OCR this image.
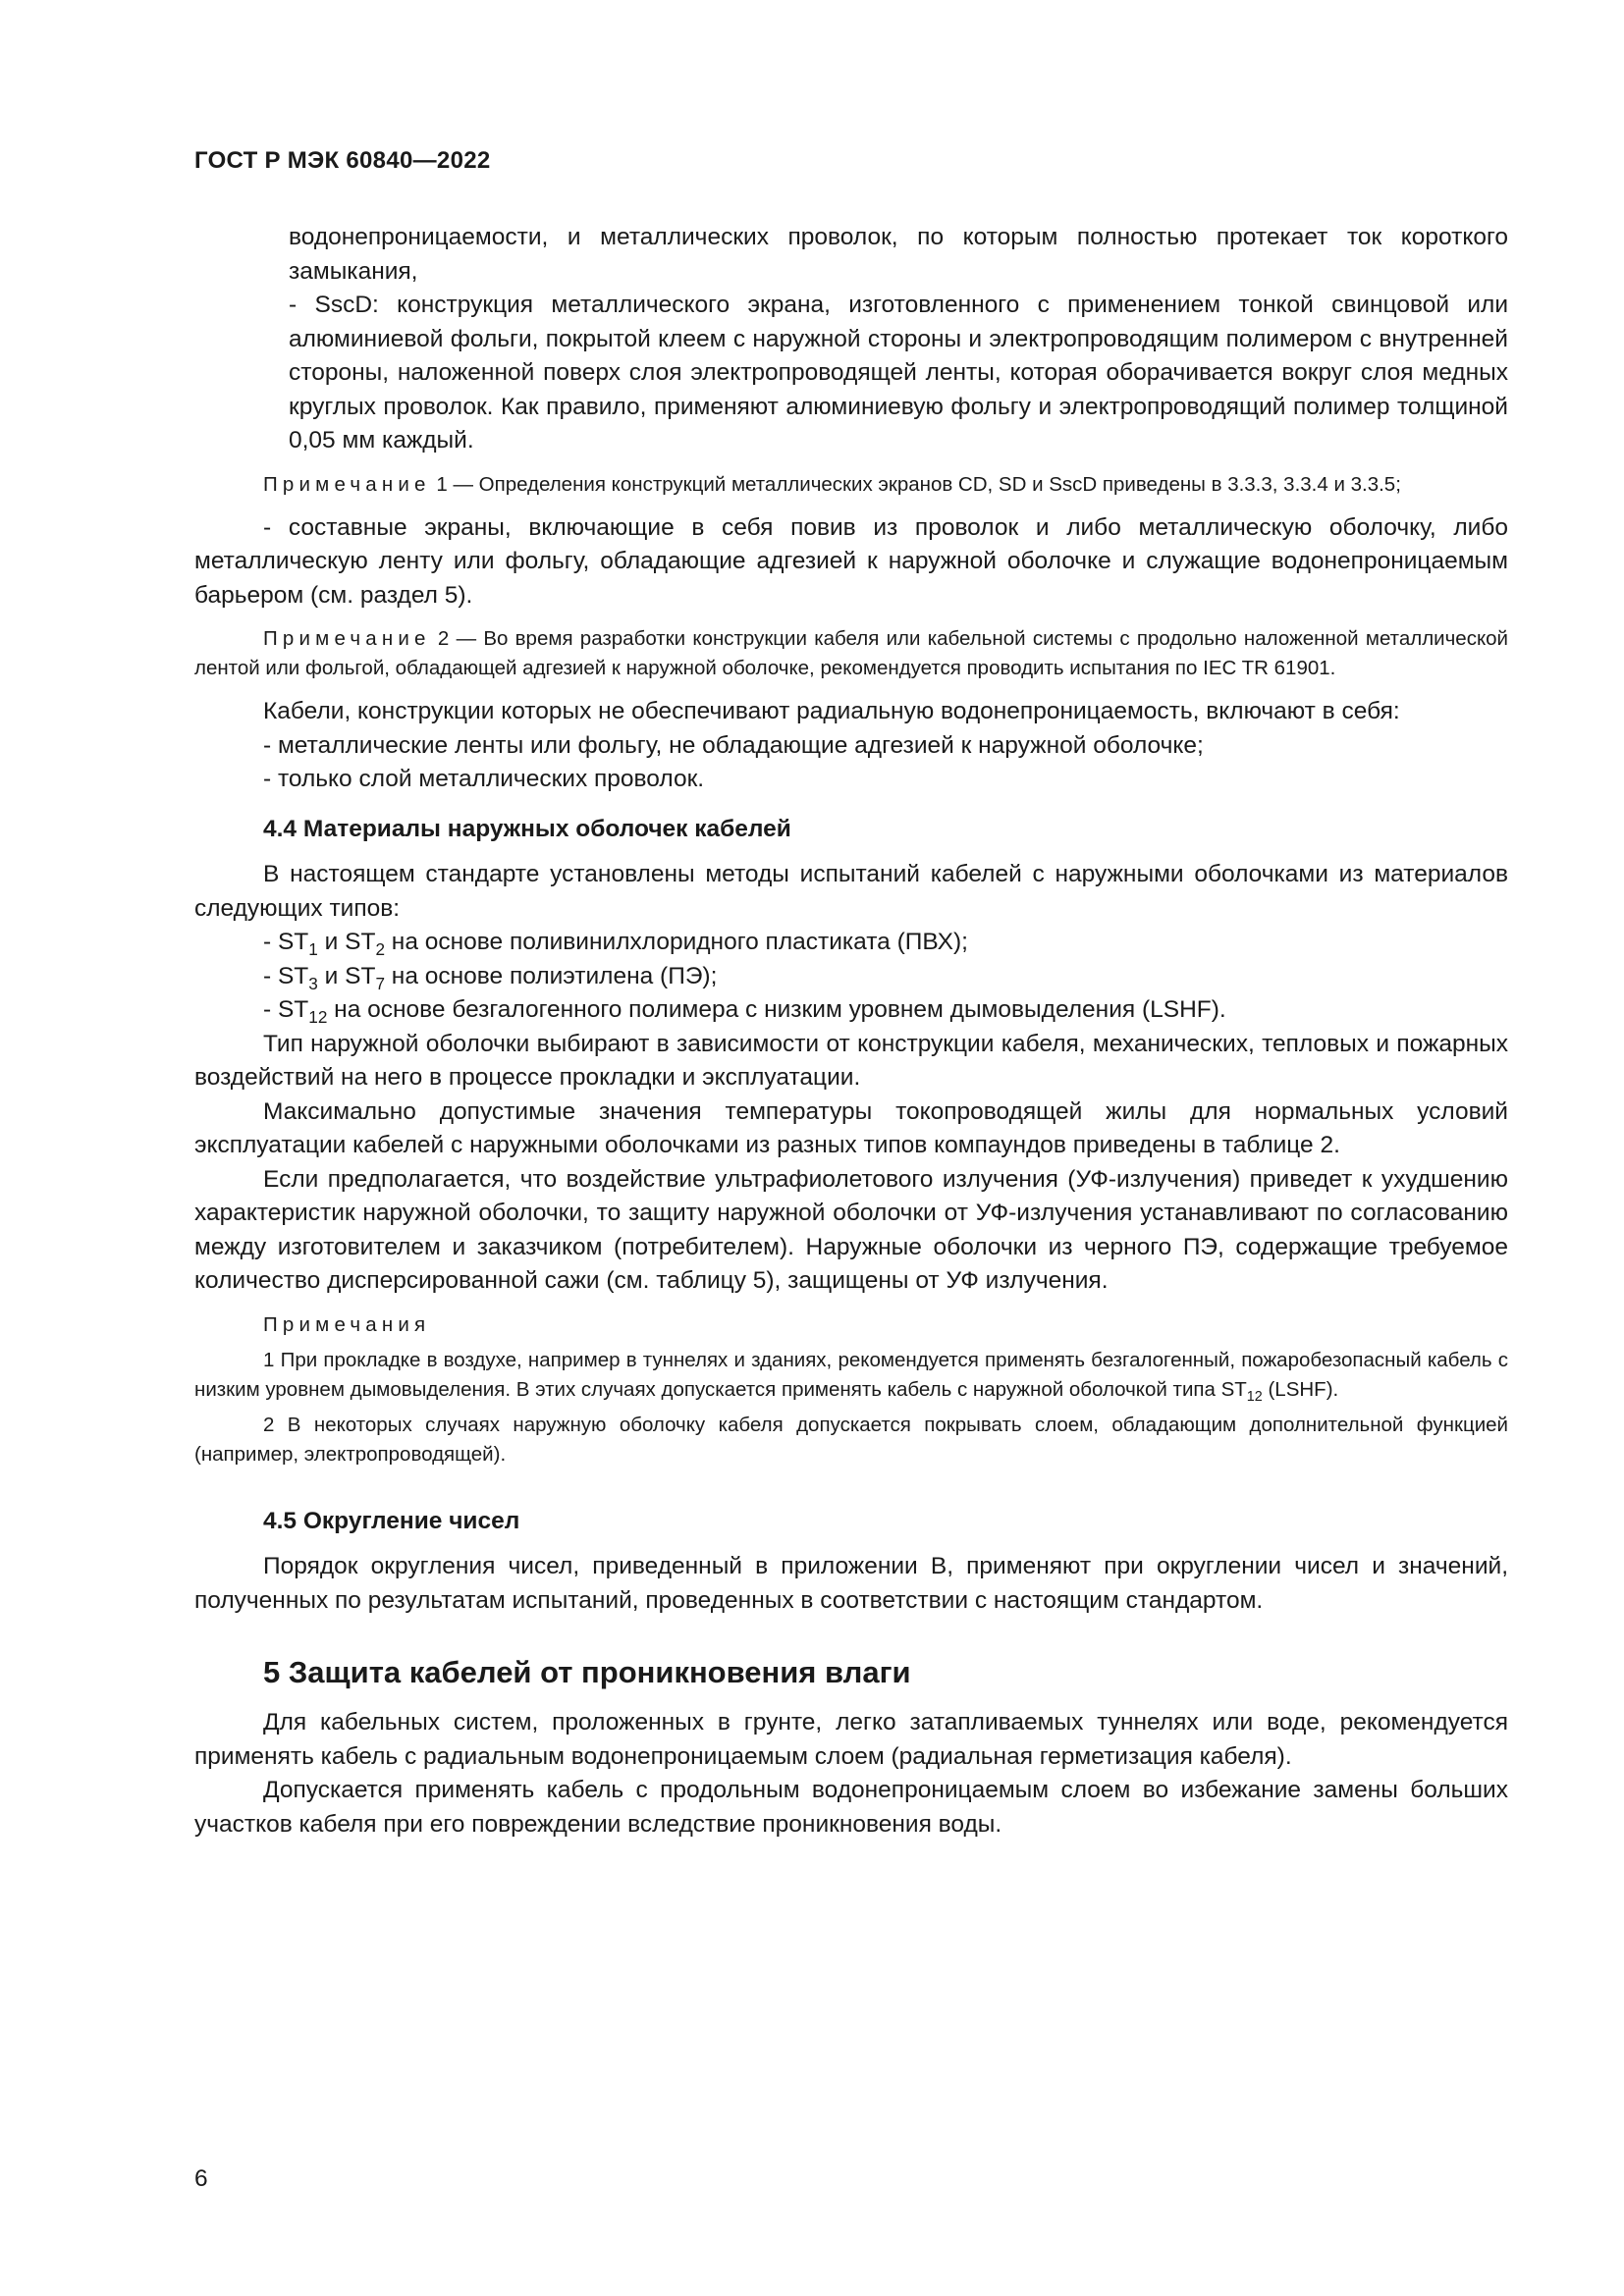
ГОСТ Р МЭК 60840—2022
водонепроницаемости, и металлических проволок, по которым полностью протекает ток короткого замыкания,
- SscD: конструкция металлического экрана, изготовленного с применением тонкой свинцовой или алюминиевой фольги, покрытой клеем с наружной стороны и электропроводящим полимером с внутренней стороны, наложенной поверх слоя электропроводящей ленты, которая оборачивается вокруг слоя медных круглых проволок. Как правило, применяют алюминиевую фольгу и электропроводящий полимер толщиной 0,05 мм каждый.

Примечание 1 — Определения конструкций металлических экранов CD, SD и SscD приведены в 3.3.3, 3.3.4 и 3.3.5;

- составные экраны, включающие в себя повив из проволок и либо металлическую оболочку, либо металлическую ленту или фольгу, обладающие адгезией к наружной оболочке и служащие водонепроницаемым барьером (см. раздел 5).

Примечание 2 — Во время разработки конструкции кабеля или кабельной системы с продольно наложенной металлической лентой или фольгой, обладающей адгезией к наружной оболочке, рекомендуется проводить испытания по IEC TR 61901.

Кабели, конструкции которых не обеспечивают радиальную водонепроницаемость, включают в себя:

- металлические ленты или фольгу, не обладающие адгезией к наружной оболочке;

- только слой металлических проволок.

4.4 Материалы наружных оболочек кабелей

В настоящем стандарте установлены методы испытаний кабелей с наружными оболочками из материалов следующих типов:

- $ST_1$ и $ST_2$ на основе поливинилхлоридного пластиката (ПВХ);

- $ST_3$ и $ST_7$ на основе полиэтилена (ПЭ);

- $ST_{12}$ на основе безгалогенного полимера с низким уровнем дымовыделения (LSHF).

Тип наружной оболочки выбирают в зависимости от конструкции кабеля, механических, тепловых и пожарных воздействий на него в процессе прокладки и эксплуатации.

Максимально допустимые значения температуры токопроводящей жилы для нормальных условий эксплуатации кабелей с наружными оболочками из разных типов компаундов приведены в таблице 2.

Если предполагается, что воздействие ультрафиолетового излучения (УФ-излучения) приведет к ухудшению характеристик наружной оболочки, то защиту наружной оболочки от УФ-излучения устанавливают по согласованию между изготовителем и заказчиком (потребителем). Наружные оболочки из черного ПЭ, содержащие требуемое количество дисперсированной сажи (см. таблицу 5), защищены от УФ излучения.

Примечания

1 При прокладке в воздухе, например в туннелях и зданиях, рекомендуется применять безгалогенный, пожаробезопасный кабель с низким уровнем дымовыделения. В этих случаях допускается применять кабель с наружной оболочкой типа $ST_{12}$ (LSHF).

2 В некоторых случаях наружную оболочку кабеля допускается покрывать слоем, обладающим дополнительной функцией (например, электропроводящей).

4.5 Округление чисел

Порядок округления чисел, приведенный в приложении В, применяют при округлении чисел и значений, полученных по результатам испытаний, проведенных в соответствии с настоящим стандартом.

5 Защита кабелей от проникновения влаги

Для кабельных систем, проложенных в грунте, легко затапливаемых туннелях или воде, рекомендуется применять кабель с радиальным водонепроницаемым слоем (радиальная герметизация кабеля).

Допускается применять кабель с продольным водонепроницаемым слоем во избежание замены больших участков кабеля при его повреждении вследствие проникновения воды.

6
